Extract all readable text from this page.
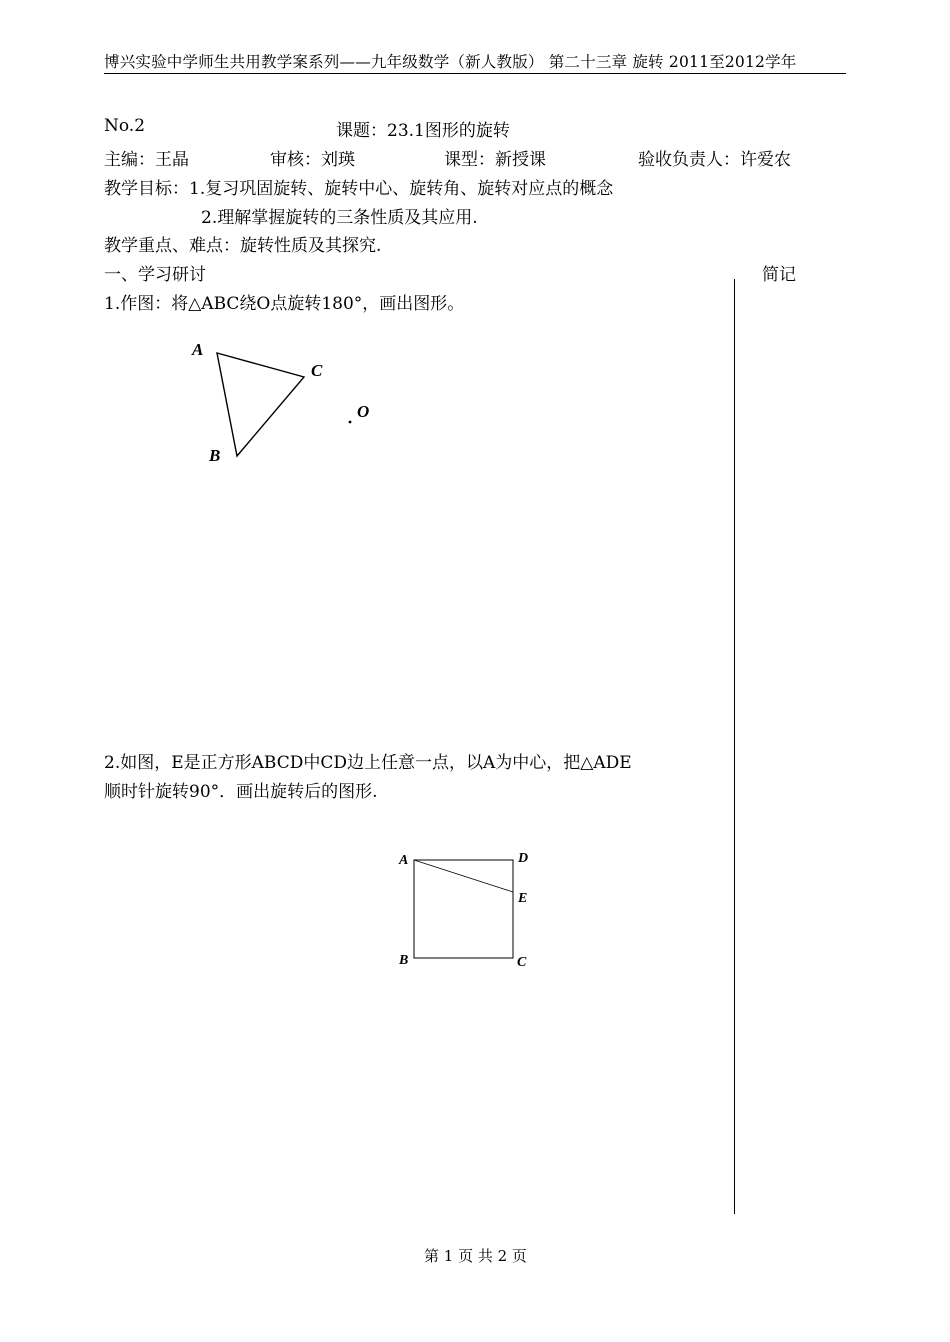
博兴实验中学师生共用教学案系列——九年级数学（新人教版） 第二十三章 旋转 2011至2012学年
No.2	课题：23.1图形的旋转
主编：王晶	审核：刘瑛	课型：新授课	验收负责人：许爱农
教学目标：1.复习巩固旋转、旋转中心、旋转角、旋转对应点的概念
2.理解掌握旋转的三条性质及其应用.
教学重点、难点：旋转性质及其探究.
一、学习研讨	简记
1.作图：将△ABC绕O点旋转180°，画出图形。
A
C
B
O
2.如图，E是正方形ABCD中CD边上任意一点，以A为中心，把△ADE
顺时针旋转90°．画出旋转后的图形.
A	D
E
B	C
第 1 页 共 2 页
